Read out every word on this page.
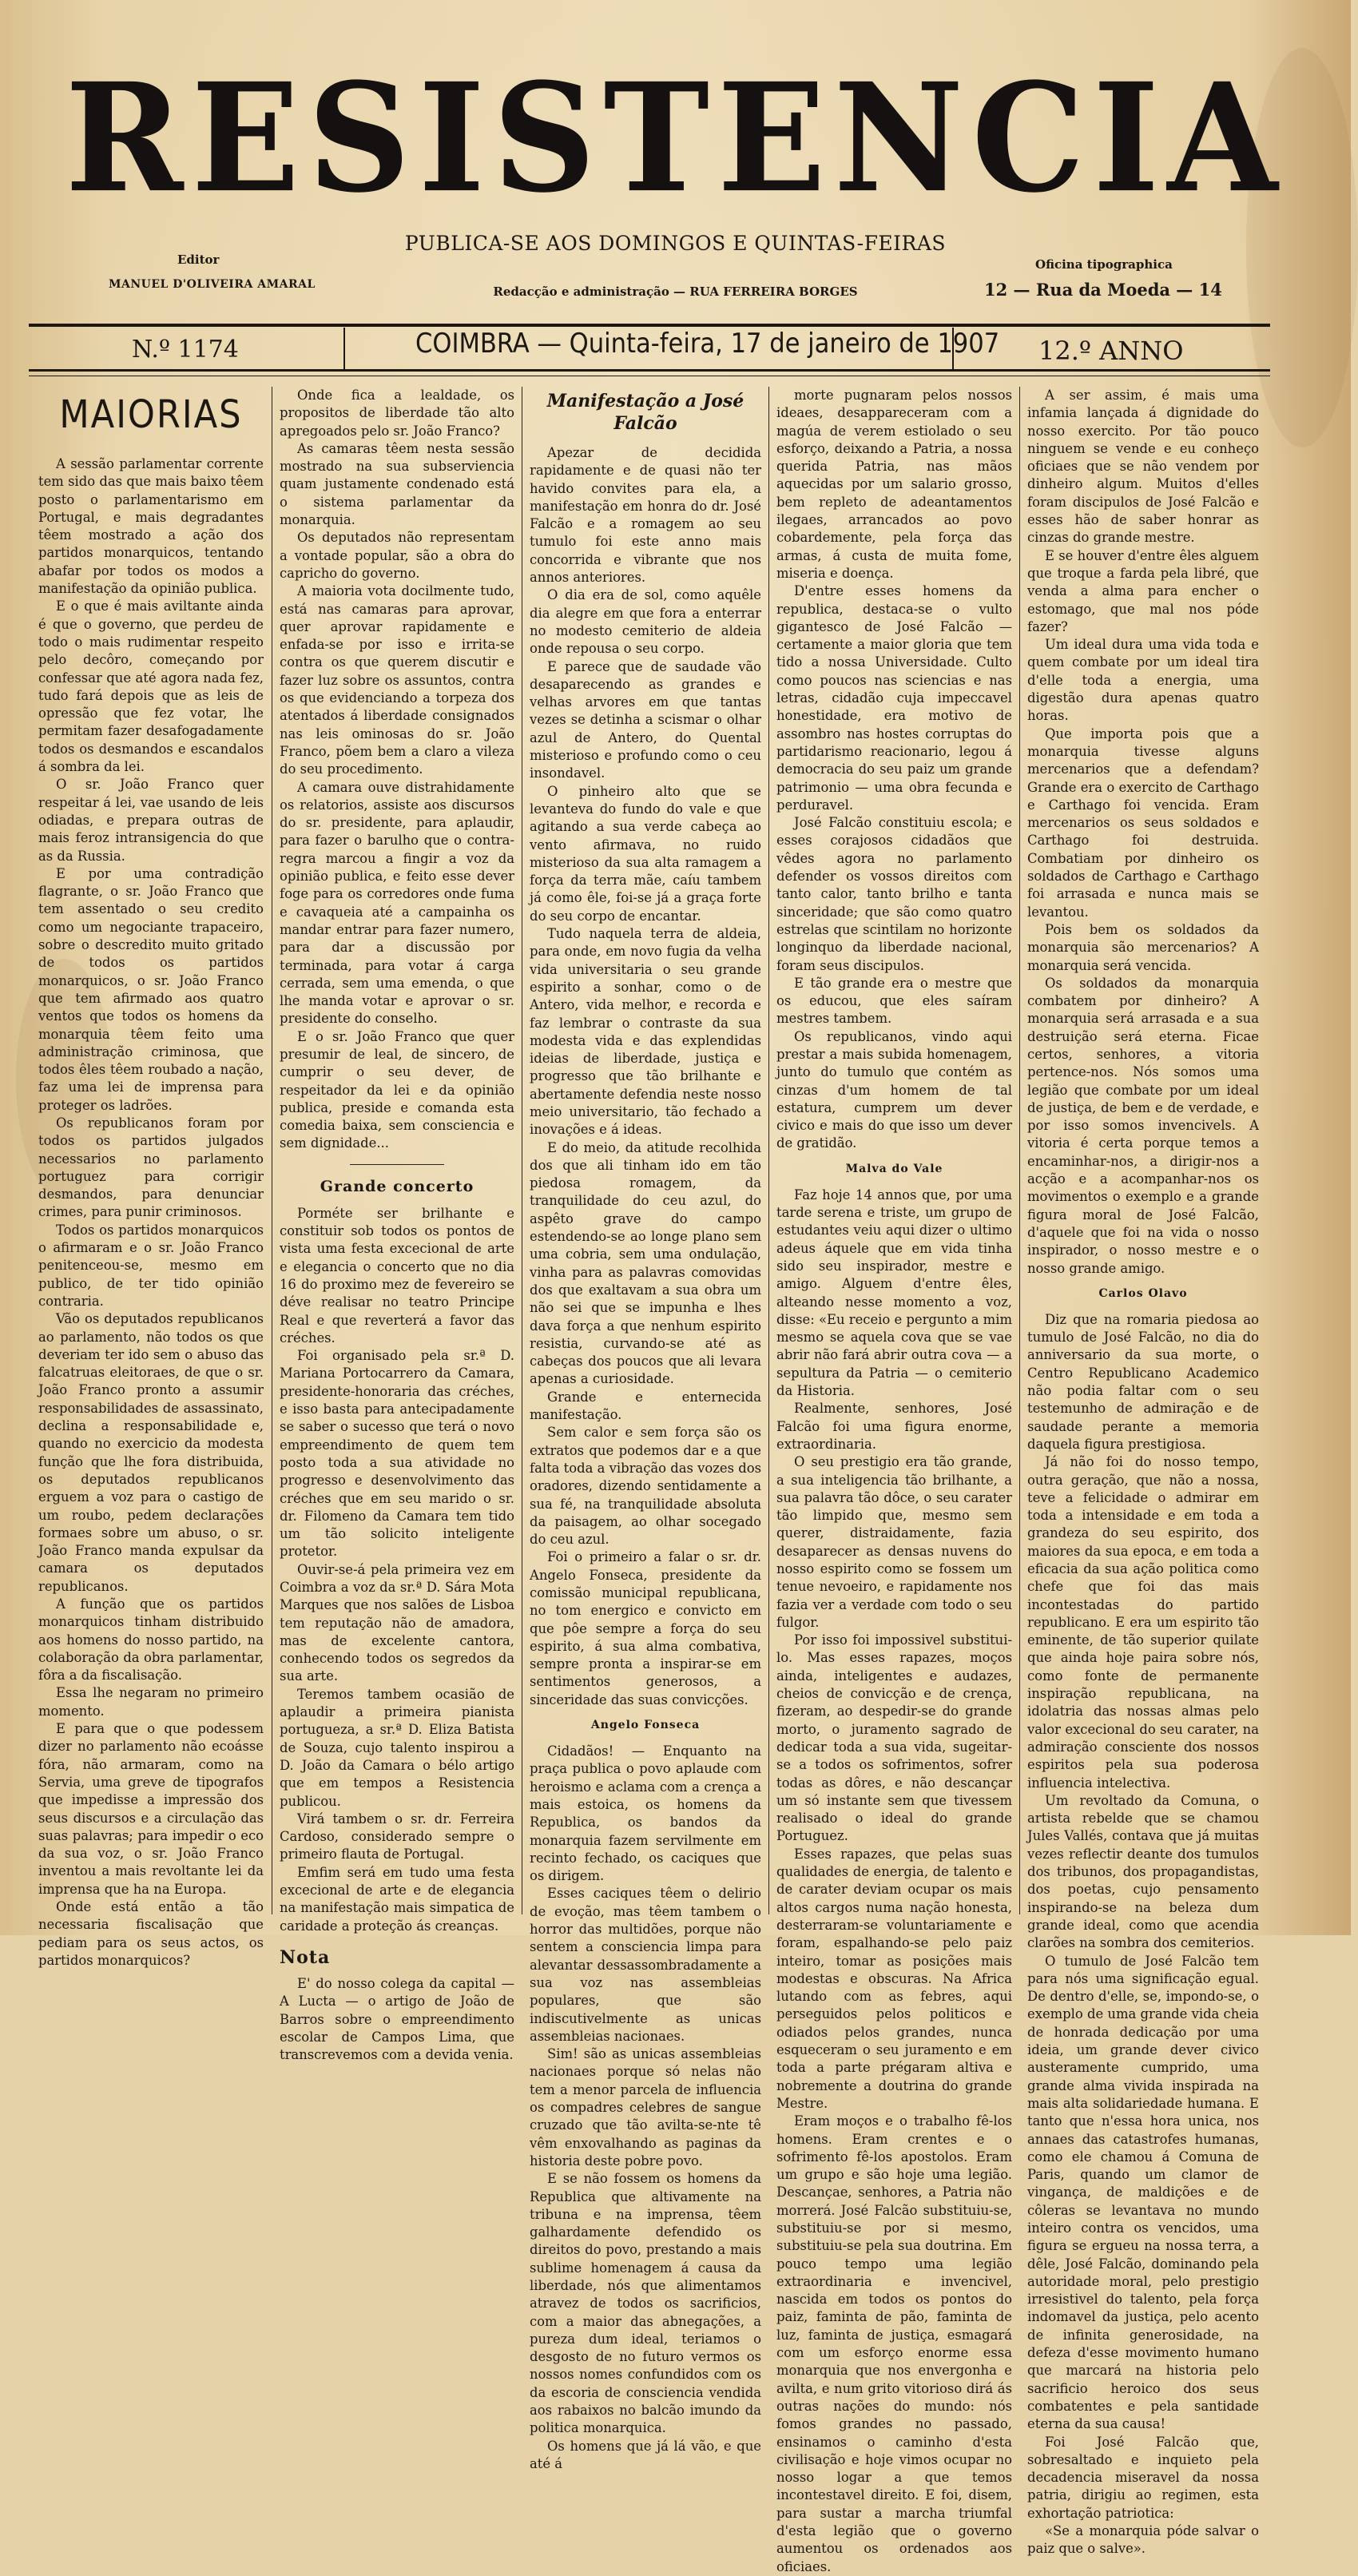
RESISTENCIA
PUBLICA-SE AOS DOMINGOS E QUINTAS-FEIRAS
Editor
MANUEL D'OLIVEIRA AMARAL	Redacção e administração — RUA FERREIRA BORGES
Oficina tipographica
12 — Rua da Moeda — 14
N.º 1174	COIMBRA — Quinta-feira, 17 de janeiro de 1907 12.º ANNO
MAIORIAS

A sessão parlamentar corrente tem sido das que mais baixo têem posto o parlamentarismo em Portugal, e mais degradantes têem mostrado a ação dos partidos monarquicos, tentando abafar por todos os modos a manifestação da opinião publica.

E o que é mais aviltante ainda é que o governo, que perdeu de todo o mais rudimentar respeito pelo decôro, começando por confessar que até agora nada fez, tudo fará depois que as leis de opressão que fez votar, lhe permitam fazer desafogadamente todos os desmandos e escandalos á sombra da lei.

O sr. João Franco quer respeitar á lei, vae usando de leis odiadas, e prepara outras de mais feroz intransigencia do que as da Russia.

E por uma contradição flagrante, o sr. João Franco que tem assentado o seu credito como um negociante trapaceiro, sobre o descredito muito gritado de todos os partidos monarquicos, o sr. João Franco que tem afirmado aos quatro ventos que todos os homens da monarquia têem feito uma administração criminosa, que todos êles têem roubado a nação, faz uma lei de imprensa para proteger os ladrões.

Os republicanos foram por todos os partidos julgados necessarios no parlamento portuguez para corrigir desmandos, para denunciar crimes, para punir criminosos.

Todos os partidos monarquicos o afirmaram e o sr. João Franco penitenceou-se, mesmo em publico, de ter tido opinião contraria.

Vão os deputados republicanos ao parlamento, não todos os que deveriam ter ido sem o abuso das falcatruas eleitoraes, de que o sr. João Franco pronto a assumir responsabilidades de assassinato, declina a responsabilidade e, quando no exercicio da modesta função que lhe fora distribuida, os deputados republicanos erguem a voz para o castigo de um roubo, pedem declarações formaes sobre um abuso, o sr. João Franco manda expulsar da camara os deputados republicanos.

A função que os partidos monarquicos tinham distribuido aos homens do nosso partido, na colaboração da obra parlamentar, fôra a da fiscalisação.

Essa lhe negaram no primeiro momento.

E para que o que podessem dizer no parlamento não ecoásse fóra, não armaram, como na Servia, uma greve de tipografos que impedisse a impressão dos seus discursos e a circulação das suas palavras; para impedir o eco da sua voz, o sr. João Franco inventou a mais revoltante lei da imprensa que ha na Europa.

Onde está então a tão necessaria fiscalisação que pediam para os seus actos, os partidos monarquicos?

Onde fica a lealdade, os propositos de liberdade tão alto apregoados pelo sr. João Franco?

As camaras têem nesta sessão mostrado na sua subserviencia quam justamente condenado está o sistema parlamentar da monarquia.

Os deputados não representam a vontade popular, são a obra do capricho do governo.

A maioria vota docilmente tudo, está nas camaras para aprovar, quer aprovar rapidamente e enfada-se por isso e irrita-se contra os que querem discutir e fazer luz sobre os assuntos, contra os que evidenciando a torpeza dos atentados á liberdade consignados nas leis ominosas do sr. João Franco, põem bem a claro a vileza do seu procedimento.

A camara ouve distrahidamente os relatorios, assiste aos discursos do sr. presidente, para aplaudir, para fazer o barulho que o contra-regra marcou a fingir a voz da opinião publica, e feito esse dever foge para os corredores onde fuma e cavaqueia até a campainha os mandar entrar para fazer numero, para dar a discussão por terminada, para votar á carga cerrada, sem uma emenda, o que lhe manda votar e aprovar o sr. presidente do conselho.

E o sr. João Franco que quer presumir de leal, de sincero, de cumprir o seu dever, de respeitador da lei e da opinião publica, preside e comanda esta comedia baixa, sem consciencia e sem dignidade...

Grande concerto

Porméte ser brilhante e constituir sob todos os pontos de vista uma festa excecional de arte e elegancia o concerto que no dia 16 do proximo mez de fevereiro se déve realisar no teatro Principe Real e que reverterá a favor das créches.

Foi organisado pela sr.ª D. Mariana Portocarrero da Camara, presidente-honoraria das créches, e isso basta para antecipadamente se saber o sucesso que terá o novo empreendimento de quem tem posto toda a sua atividade no progresso e desenvolvimento das créches que em seu marido o sr. dr. Filomeno da Camara tem tido um tão solicito inteligente protetor.

Ouvir-se-á pela primeira vez em Coimbra a voz da sr.ª D. Sára Mota Marques que nos salões de Lisboa tem reputação não de amadora, mas de excelente cantora, conhecendo todos os segredos da sua arte.

Teremos tambem ocasião de aplaudir a primeira pianista portugueza, a sr.ª D. Eliza Batista de Souza, cujo talento inspirou a D. João da Camara o bélo artigo que em tempos a Resistencia publicou.

Virá tambem o sr. dr. Ferreira Cardoso, considerado sempre o primeiro flauta de Portugal.

Emfim será em tudo uma festa excecional de arte e de elegancia na manifestação mais simpatica de caridade a proteção ás creanças.

Nota

E' do nosso colega da capital — A Lucta — o artigo de João de Barros sobre o empreendimento escolar de Campos Lima, que transcrevemos com a devida venia.

Manifestação a José Falcão

Apezar de decidida rapidamente e de quasi não ter havido convites para ela, a manifestação em honra do dr. José Falcão e a romagem ao seu tumulo foi este anno mais concorrida e vibrante que nos annos anteriores.

O dia era de sol, como aquêle dia alegre em que fora a enterrar no modesto cemiterio de aldeia onde repousa o seu corpo.

E parece que de saudade vão desaparecendo as grandes e velhas arvores em que tantas vezes se detinha a scismar o olhar azul de Antero, do Quental misterioso e profundo como o ceu insondavel.

O pinheiro alto que se levanteva do fundo do vale e que agitando a sua verde cabeça ao vento afirmava, no ruido misterioso da sua alta ramagem a força da terra mãe, caíu tambem já como êle, foi-se já a graça forte do seu corpo de encantar.

Tudo naquela terra de aldeia, para onde, em novo fugia da velha vida universitaria o seu grande espirito a sonhar, como o de Antero, vida melhor, e recorda e faz lembrar o contraste da sua modesta vida e das explendidas ideias de liberdade, justiça e progresso que tão brilhante e abertamente defendia neste nosso meio universitario, tão fechado a inovações e á ideas.

E do meio, da atitude recolhida dos que ali tinham ido em tão piedosa romagem, da tranquilidade do ceu azul, do aspêto grave do campo estendendo-se ao longe plano sem uma cobria, sem uma ondulação, vinha para as palavras comovidas dos que exaltavam a sua obra um não sei que se impunha e lhes dava força a que nenhum espirito resistia, curvando-se até as cabeças dos poucos que ali levara apenas a curiosidade.

Grande e enternecida manifestação.

Sem calor e sem força são os extratos que podemos dar e a que falta toda a vibração das vozes dos oradores, dizendo sentidamente a sua fé, na tranquilidade absoluta da paisagem, ao olhar socegado do ceu azul.

Foi o primeiro a falar o sr. dr. Angelo Fonseca, presidente da comissão municipal republicana, no tom energico e convicto em que pôe sempre a força do seu espirito, á sua alma combativa, sempre pronta a inspirar-se em sentimentos generosos, a sinceridade das suas convicções.

Angelo Fonseca

Cidadãos! — Enquanto na praça publica o povo aplaude com heroismo e aclama com a crença a mais estoica, os homens da Republica, os bandos da monarquia fazem servilmente em recinto fechado, os caciques que os dirigem.

Esses caciques têem o delirio de evoção, mas têem tambem o horror das multidões, porque não sentem a consciencia limpa para alevantar dessassombradamente a sua voz nas assembleias populares, que são indiscutivelmente as unicas assembleias nacionaes.

Sim! são as unicas assembleias nacionaes porque só nelas não tem a menor parcela de influencia os compadres celebres de sangue cruzado que tão avilta-se-nte tê vêm enxovalhando as paginas da historia deste pobre povo.

E se não fossem os homens da Republica que altivamente na tribuna e na imprensa, têem galhardamente defendido os direitos do povo, prestando a mais sublime homenagem á causa da liberdade, nós que alimentamos atravez de todos os sacrificios, com a maior das abnegações, a pureza dum ideal, teriamos o desgosto de no futuro vermos os nossos nomes confundidos com os da escoria de consciencia vendida aos rabaixos no balcão imundo da politica monarquica.

Os homens que já lá vão, e que até á

morte pugnaram pelos nossos ideaes, desappareceram com a magúa de verem estiolado o seu esforço, deixando a Patria, a nossa querida Patria, nas mãos aquecidas por um salario grosso, bem repleto de adeantamentos ilegaes, arrancados ao povo cobardemente, pela força das armas, á custa de muita fome, miseria e doença.

D'entre esses homens da republica, destaca-se o vulto gigantesco de José Falcão — certamente a maior gloria que tem tido a nossa Universidade. Culto como poucos nas sciencias e nas letras, cidadão cuja impeccavel honestidade, era motivo de assombro nas hostes corruptas do partidarismo reacionario, legou á democracia do seu paiz um grande patrimonio — uma obra fecunda e perduravel.

José Falcão constituiu escola; e esses corajosos cidadãos que vêdes agora no parlamento defender os vossos direitos com tanto calor, tanto brilho e tanta sinceridade; que são como quatro estrelas que scintilam no horizonte longinquo da liberdade nacional, foram seus discipulos.

E tão grande era o mestre que os educou, que eles saíram mestres tambem.

Os republicanos, vindo aqui prestar a mais subida homenagem, junto do tumulo que contém as cinzas d'um homem de tal estatura, cumprem um dever civico e mais do que isso um dever de gratidão.

Malva do Vale

Faz hoje 14 annos que, por uma tarde serena e triste, um grupo de estudantes veiu aqui dizer o ultimo adeus áquele que em vida tinha sido seu inspirador, mestre e amigo. Alguem d'entre êles, alteando nesse momento a voz, disse: «Eu receio e pergunto a mim mesmo se aquela cova que se vae abrir não fará abrir outra cova — a sepultura da Patria — o cemiterio da Historia.

Realmente, senhores, José Falcão foi uma figura enorme, extraordinaria.

O seu prestigio era tão grande, a sua inteligencia tão brilhante, a sua palavra tão dôce, o seu carater tão limpido que, mesmo sem querer, distraidamente, fazia desaparecer as densas nuvens do nosso espirito como se fossem um tenue nevoeiro, e rapidamente nos fazia ver a verdade com todo o seu fulgor.

Por isso foi impossivel substitui-lo. Mas esses rapazes, moços ainda, inteligentes e audazes, cheios de convicção e de crença, fizeram, ao despedir-se do grande morto, o juramento sagrado de dedicar toda a sua vida, sugeitar-se a todos os sofrimentos, sofrer todas as dôres, e não descançar um só instante sem que tivessem realisado o ideal do grande Portuguez.

Esses rapazes, que pelas suas qualidades de energia, de talento e de carater deviam ocupar os mais altos cargos numa nação honesta, desterraram-se voluntariamente e foram, espalhando-se pelo paiz inteiro, tomar as posições mais modestas e obscuras. Na Africa lutando com as febres, aqui perseguidos pelos politicos e odiados pelos grandes, nunca esqueceram o seu juramento e em toda a parte prégaram altiva e nobremente a doutrina do grande Mestre.

Eram moços e o trabalho fê-los homens. Eram crentes e o sofrimento fê-los apostolos. Eram um grupo e são hoje uma legião. Descançae, senhores, a Patria não morrerá. José Falcão substituiu-se, substituiu-se por si mesmo, substituiu-se pela sua doutrina. Em pouco tempo uma legião extraordinaria e invencivel, nascida em todos os pontos do paiz, faminta de pão, faminta de luz, faminta de justiça, esmagará com um esforço enorme essa monarquia que nos envergonha e avilta, e num grito vitorioso dirá ás outras nações do mundo: nós fomos grandes no passado, ensinamos o caminho d'esta civilisação e hoje vimos ocupar no nosso logar a que temos incontestavel direito. E foi, disem, para sustar a marcha triumfal d'esta legião que o governo aumentou os ordenados aos oficiaes.

A ser assim, é mais uma infamia lançada á dignidade do nosso exercito. Por tão pouco ninguem se vende e eu conheço oficiaes que se não vendem por dinheiro algum. Muitos d'elles foram discipulos de José Falcão e esses hão de saber honrar as cinzas do grande mestre.

E se houver d'entre êles alguem que troque a farda pela libré, que venda a alma para encher o estomago, que mal nos póde fazer?

Um ideal dura uma vida toda e quem combate por um ideal tira d'elle toda a energia, uma digestão dura apenas quatro horas.

Que importa pois que a monarquia tivesse alguns mercenarios que a defendam? Grande era o exercito de Carthago e Carthago foi vencida. Eram mercenarios os seus soldados e Carthago foi destruida. Combatiam por dinheiro os soldados de Carthago e Carthago foi arrasada e nunca mais se levantou.

Pois bem os soldados da monarquia são mercenarios? A monarquia será vencida.

Os soldados da monarquia combatem por dinheiro? A monarquia será arrasada e a sua destruição será eterna. Ficae certos, senhores, a vitoria pertence-nos. Nós somos uma legião que combate por um ideal de justiça, de bem e de verdade, e por isso somos invencivels. A vitoria é certa porque temos a encaminhar-nos, a dirigir-nos a acção e a acompanhar-nos os movimentos o exemplo e a grande figura moral de José Falcão, d'aquele que foi na vida o nosso inspirador, o nosso mestre e o nosso grande amigo.

Carlos Olavo

Diz que na romaria piedosa ao tumulo de José Falcão, no dia do anniversario da sua morte, o Centro Republicano Academico não podia faltar com o seu testemunho de admiração e de saudade perante a memoria daquela figura prestigiosa.

Já não foi do nosso tempo, outra geração, que não a nossa, teve a felicidade o admirar em toda a intensidade e em toda a grandeza do seu espirito, dos maiores da sua epoca, e em toda a eficacia da sua ação politica como chefe que foi das mais incontestadas do partido republicano. E era um espirito tão eminente, de tão superior quilate que ainda hoje paira sobre nós, como fonte de permanente inspiração republicana, na idolatria das nossas almas pelo valor excecional do seu carater, na admiração consciente dos nossos espiritos pela sua poderosa influencia intelectiva.

Um revoltado da Comuna, o artista rebelde que se chamou Jules Vallés, contava que já muitas vezes reflectir deante dos tumulos dos tribunos, dos propagandistas, dos poetas, cujo pensamento inspirando-se na beleza dum grande ideal, como que acendia clarões na sombra dos cemiterios.

O tumulo de José Falcão tem para nós uma significação egual. De dentro d'elle, se, impondo-se, o exemplo de uma grande vida cheia de honrada dedicação por uma ideia, um grande dever civico austeramente cumprido, uma grande alma vivida inspirada na mais alta solidariedade humana. E tanto que n'essa hora unica, nos annaes das catastrofes humanas, como ele chamou á Comuna de Paris, quando um clamor de vingança, de maldições e de côleras se levantava no mundo inteiro contra os vencidos, uma figura se ergueu na nossa terra, a dêle, José Falcão, dominando pela autoridade moral, pelo prestigio irresistivel do talento, pela força indomavel da justiça, pelo acento de infinita generosidade, na defeza d'esse movimento humano que marcará na historia pelo sacrificio heroico dos seus combatentes e pela santidade eterna da sua causa!

Foi José Falcão que, sobresaltado e inquieto pela decadencia miseravel da nossa patria, dirigiu ao regimen, esta exhortação patriotica:

«Se a monarquia póde salvar o paiz que o salve».
